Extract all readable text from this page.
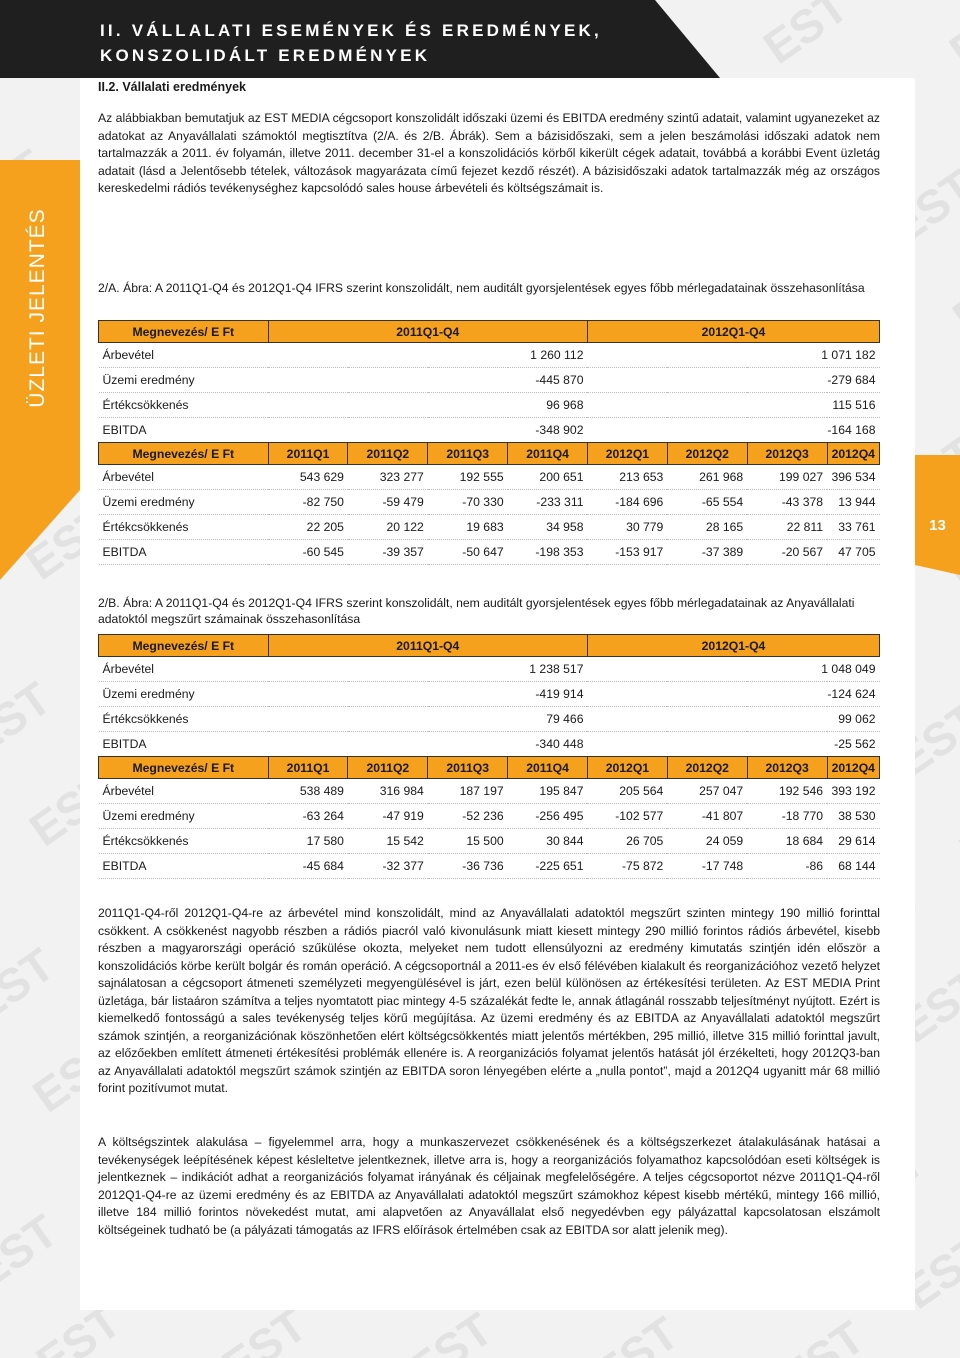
II. VÁLLALATI ESEMÉNYEK ÉS EREDMÉNYEK,
KONSZOLIDÁLT EREDMÉNYEK
ÜZLETI JELENTÉS
13
II.2. Vállalati eredmények

Az alábbiakban bemutatjuk az EST MEDIA cégcsoport konszolidált időszaki üzemi és EBITDA eredmény szintű adatait, valamint ugyanezeket az adatokat az Anyavállalati számoktól megtisztítva (2/A. és 2/B. Ábrák). Sem a bázisidőszaki, sem a jelen beszámolási időszaki adatok nem tartalmazzák a 2011. év folyamán, illetve 2011. december 31-el a konszolidációs körből kikerült cégek adatait, továbbá a korábbi Event üzletág adatait (lásd a Jelentősebb tételek, változások magyarázata című fejezet kezdő részét). A bázisidőszaki adatok tartalmazzák még az országos kereskedelmi rádiós tevékenységhez kapcsolódó sales house árbevételi és költségszámait is.

2/A. Ábra: A 2011Q1-Q4 és 2012Q1-Q4 IFRS szerint konszolidált, nem auditált gyorsjelentések egyes főbb mérlegadatainak összehasonlítása

Megnevezés/ E Ft	2011Q1-Q4				2012Q1-Q4			
Árbevétel	1 260 112				1 071 182			
Üzemi eredmény	-445 870				-279 684			
Értékcsökkenés	96 968				115 516			
EBITDA	-348 902				-164 168			
Megnevezés/ E Ft	2011Q1	2011Q2	2011Q3	2011Q4	2012Q1	2012Q2	2012Q3	2012Q4
Árbevétel	543 629	323 277	192 555	200 651	213 653	261 968	199 027	396 534
Üzemi eredmény	-82 750	-59 479	-70 330	-233 311	-184 696	-65 554	-43 378	13 944
Értékcsökkenés	22 205	20 122	19 683	34 958	30 779	28 165	22 811	33 761
EBITDA	-60 545	-39 357	-50 647	-198 353	-153 917	-37 389	-20 567	47 705

2/B. Ábra: A 2011Q1-Q4 és 2012Q1-Q4 IFRS szerint konszolidált, nem auditált gyorsjelentések egyes főbb mérlegadatainak az Anyavállalati adatoktól megszűrt számainak összehasonlítása

Megnevezés/ E Ft	2011Q1-Q4				2012Q1-Q4			
Árbevétel	1 238 517				1 048 049			
Üzemi eredmény	-419 914				-124 624			
Értékcsökkenés	79 466				99 062			
EBITDA	-340 448				-25 562			
Megnevezés/ E Ft	2011Q1	2011Q2	2011Q3	2011Q4	2012Q1	2012Q2	2012Q3	2012Q4
Árbevétel	538 489	316 984	187 197	195 847	205 564	257 047	192 546	393 192
Üzemi eredmény	-63 264	-47 919	-52 236	-256 495	-102 577	-41 807	-18 770	38 530
Értékcsökkenés	17 580	15 542	15 500	30 844	26 705	24 059	18 684	29 614
EBITDA	-45 684	-32 377	-36 736	-225 651	-75 872	-17 748	-86	68 144

2011Q1-Q4-ről 2012Q1-Q4-re az árbevétel mind konszolidált, mind az Anyavállalati adatoktól megszűrt szinten mintegy 190 millió forinttal csökkent. A csökkenést nagyobb részben a rádiós piacról való kivonulásunk miatt kiesett mintegy 290 millió forintos rádiós árbevétel, kisebb részben a magyarországi operáció szűkülése okozta, melyeket nem tudott ellensúlyozni az eredmény kimutatás szintjén idén először a konszolidációs körbe került bolgár és román operáció. A cégcsoportnál a 2011-es év első félévében kialakult és reorganizációhoz vezető helyzet sajnálatosan a cégcsoport átmeneti személyzeti megyengülésével is járt, ezen belül különösen az értékesítési területen. Az EST MEDIA Print üzletága, bár listaáron számítva a teljes nyomtatott piac mintegy 4-5 százalékát fedte le, annak átlagánál rosszabb teljesítményt nyújtott. Ezért is kiemelkedő fontosságú a sales tevékenység teljes körű megújítása. Az üzemi eredmény és az EBITDA az Anyavállalati adatoktól megszűrt számok szintjén, a reorganizációnak köszönhetően elért költségcsökkentés miatt jelentős mértékben, 295 millió, illetve 315 millió forinttal javult, az előzőekben említett átmeneti értékesítési problémák ellenére is. A reorganizációs folyamat jelentős hatását jól érzékelteti, hogy 2012Q3-ban az Anyavállalati adatoktól megszűrt számok szintjén az EBITDA soron lényegében elérte a „nulla pontot”, majd a 2012Q4 ugyanitt már 68 millió forint pozitívumot mutat.

A költségszintek alakulása – figyelemmel arra, hogy a munkaszervezet csökkenésének és a költségszerkezet átalakulásának hatásai a tevékenységek leépítésének képest késleltetve jelentkeznek, illetve arra is, hogy a reorganizációs folyamathoz kapcsolódóan eseti költségek is jelentkeznek – indikációt adhat a reorganizációs folyamat irányának és céljainak megfelelőségére. A teljes cégcsoportot nézve 2011Q1-Q4-ről 2012Q1-Q4-re az üzemi eredmény és az EBITDA az Anyavállalati adatoktól megszűrt számokhoz képest kisebb mértékű, mintegy 166 millió, illetve 184 millió forintos növekedést mutat, ami alapvetően az Anyavállalat első negyedévben egy pályázattal kapcsolatosan elszámolt költségeinek tudható be (a pályázati támogatás az IFRS előírások értelmében csak az EBITDA sor alatt jelenik meg).
